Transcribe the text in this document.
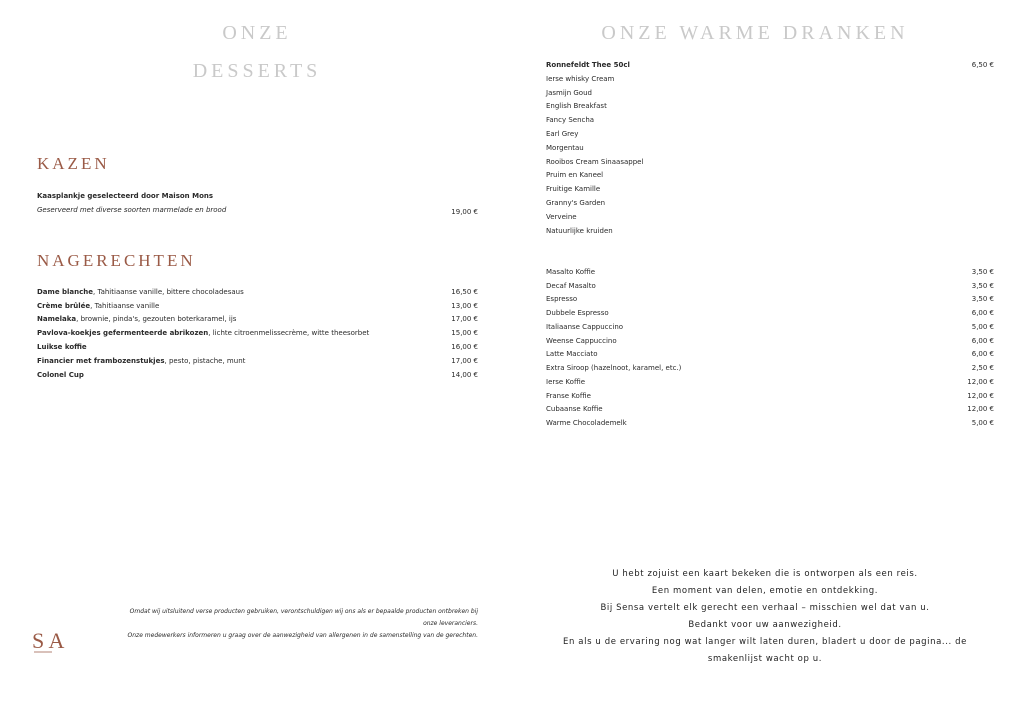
ONZE
DESSERTS
KAZEN
Kaasplankje geselecteerd door Maison Mons
Geserveerd met diverse soorten marmelade en brood	19,00 €
NAGERECHTEN
Dame blanche, Tahitiaanse vanille, bittere chocoladesaus	16,50 €
Crème brûlée, Tahitiaanse vanille	13,00 €
Namelaka, brownie, pinda's, gezouten boterkaramel, ijs	17,00 €
Pavlova-koekjes gefermenteerde abrikozen, lichte citroenmelissecrème, witte theesorbet	15,00 €
Luikse koffie	16,00 €
Financier met frambozenstukjes, pesto, pistache, munt	17,00 €
Colonel Cup	14,00 €
Omdat wij uitsluitend verse producten gebruiken, verontschuldigen wij ons als er bepaalde producten ontbreken bij
onze leveranciers.
Onze medewerkers informeren u graag over de aanwezigheid van allergenen in de samenstelling van de gerechten.
S A
ONZE WARME DRANKEN
Ronnefeldt Thee 50cl	6,50 €
Ierse whisky Cream
Jasmijn Goud
English Breakfast
Fancy Sencha
Earl Grey
Morgentau
Rooibos Cream Sinaasappel
Pruim en Kaneel
Fruitige Kamille
Granny's Garden
Verveine
Natuurlijke kruiden
Masalto Koffie	3,50 €
Decaf Masalto	3,50 €
Espresso	3,50 €
Dubbele Espresso	6,00 €
Italiaanse Cappuccino	5,00 €
Weense Cappuccino	6,00 €
Latte Macciato	6,00 €
Extra Siroop (hazelnoot, karamel, etc.)	2,50 €
Ierse Koffie	12,00 €
Franse Koffie	12,00 €
Cubaanse Koffie	12,00 €
Warme Chocolademelk	5,00 €
U hebt zojuist een kaart bekeken die is ontworpen als een reis.
Een moment van delen, emotie en ontdekking.
Bij Sensa vertelt elk gerecht een verhaal – misschien wel dat van u.
Bedankt voor uw aanwezigheid.
En als u de ervaring nog wat langer wilt laten duren, bladert u door de pagina... de
smakenlijst wacht op u.
